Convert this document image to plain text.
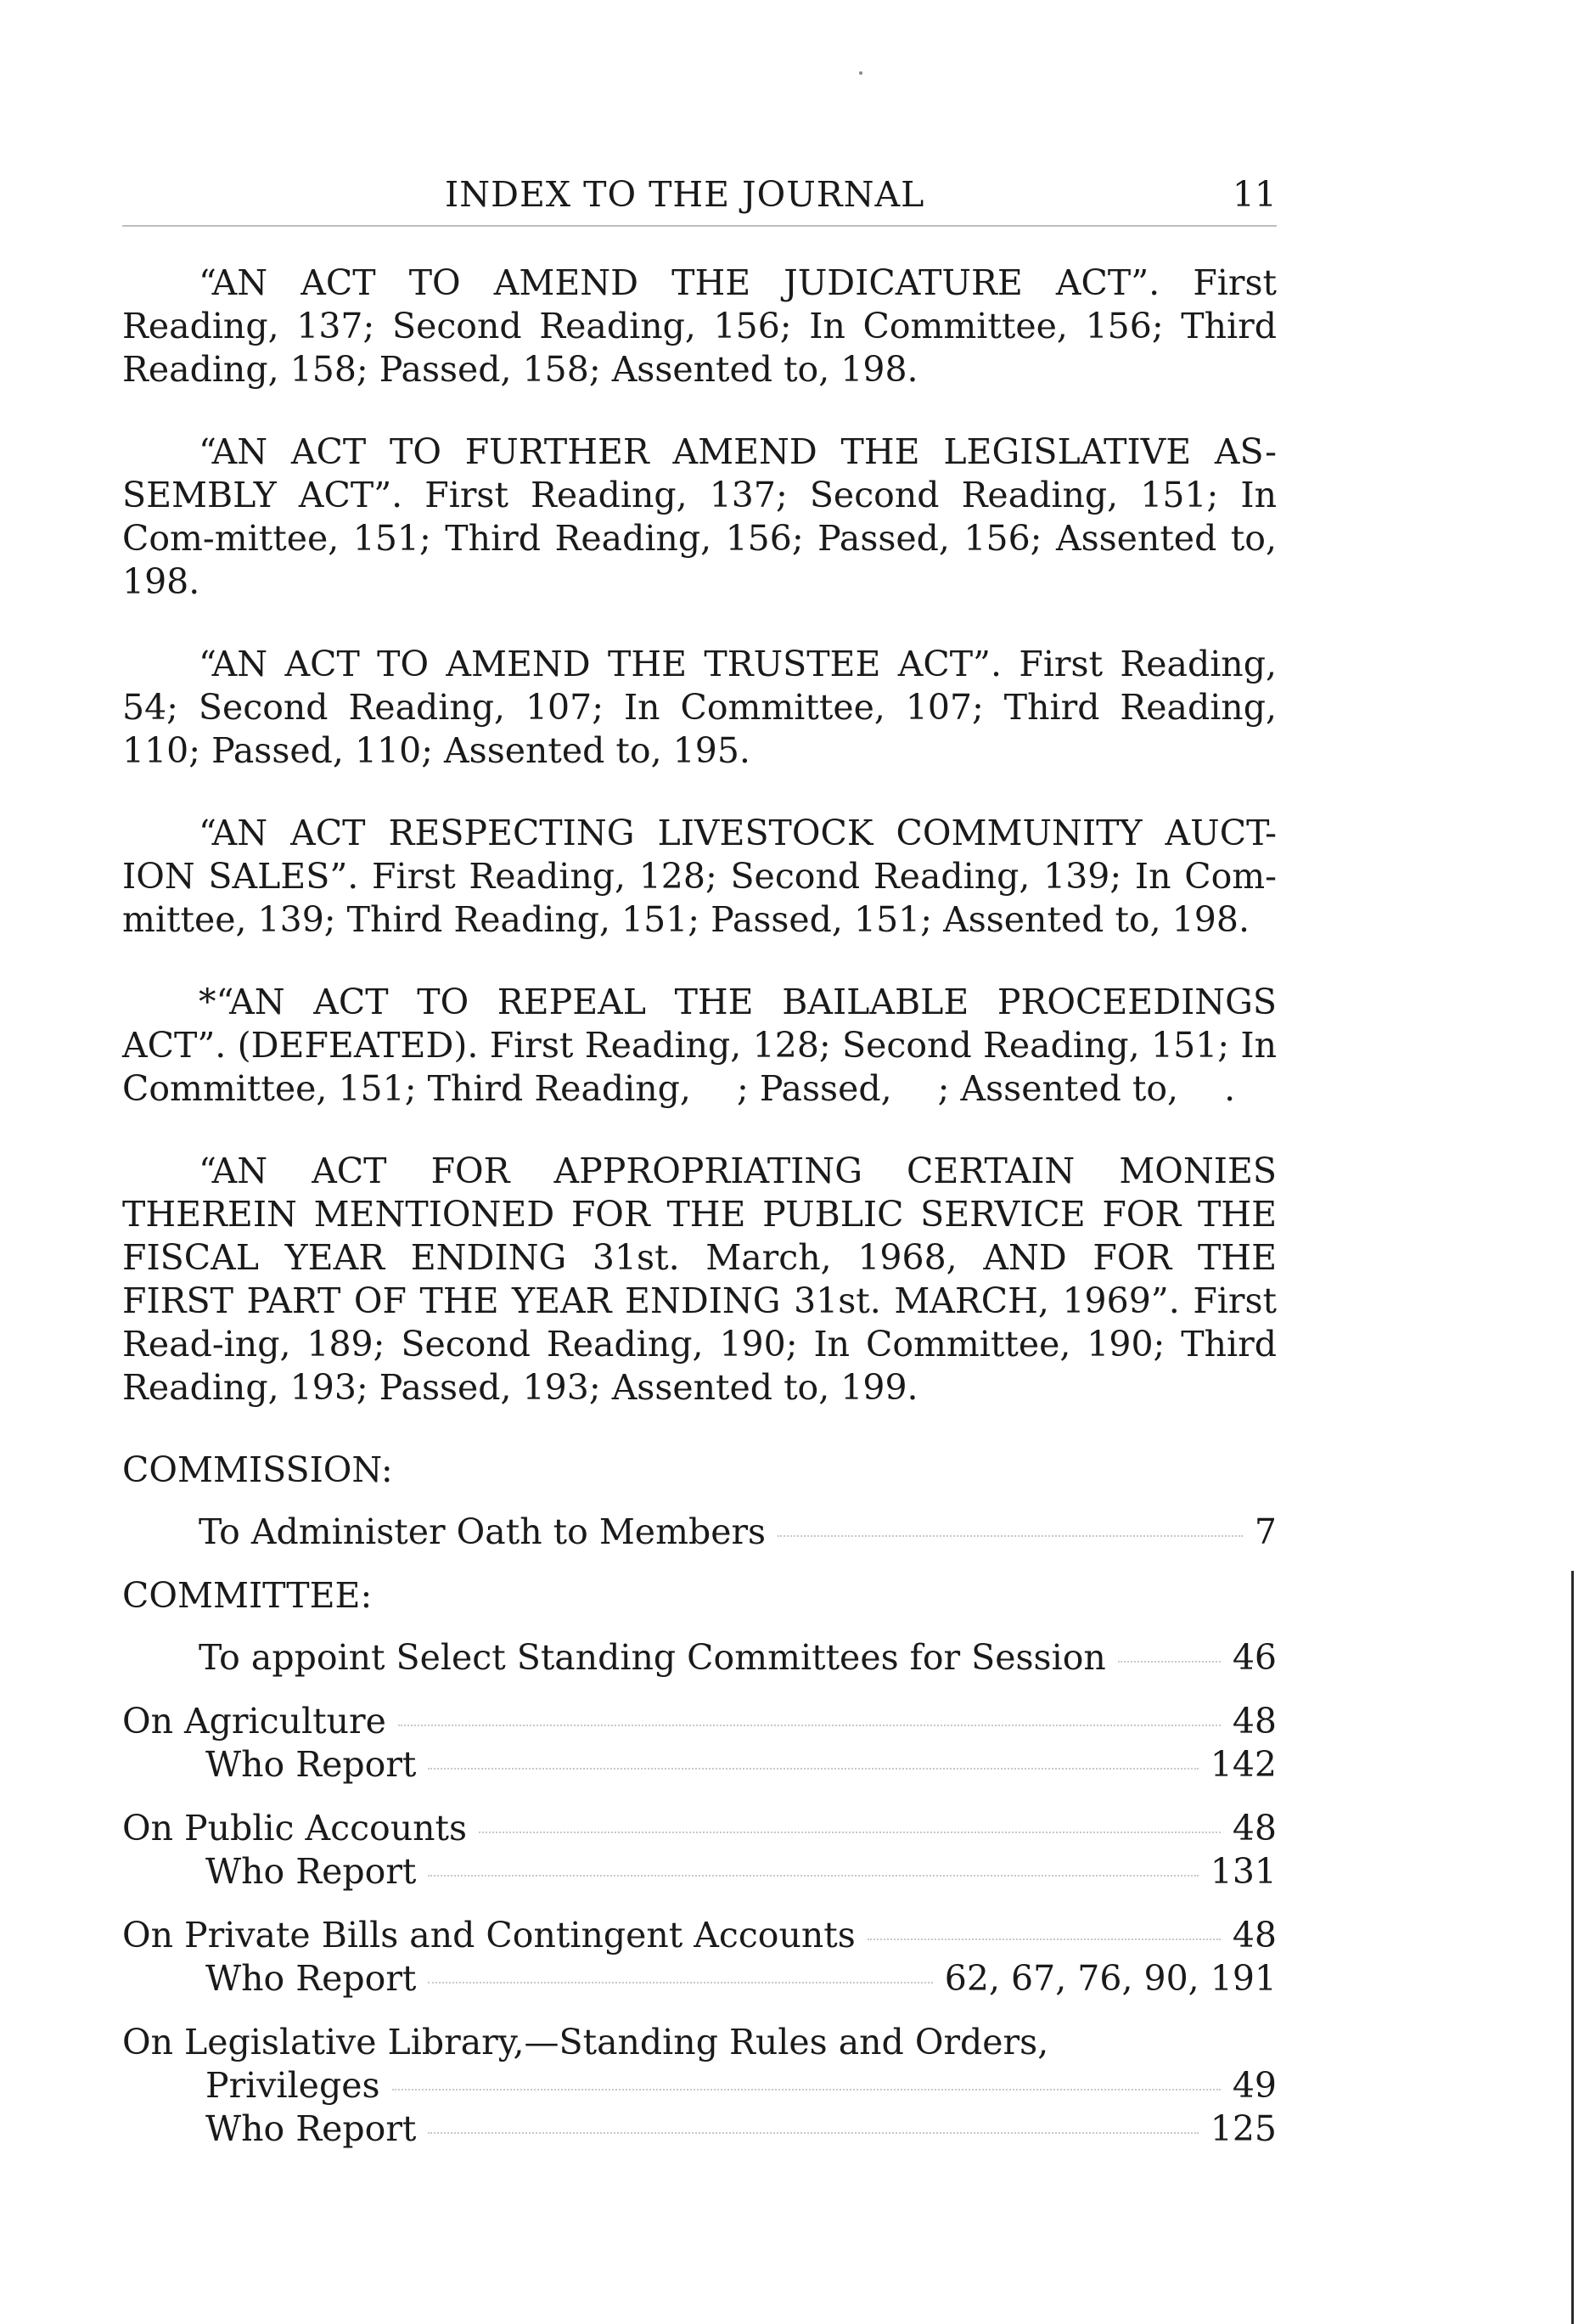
INDEX TO THE JOURNAL	11

“AN ACT TO AMEND THE JUDICATURE ACT”. First Reading, 137; Second Reading, 156; In Committee, 156; Third Reading, 158; Passed, 158; Assented to, 198.

“AN ACT TO FURTHER AMEND THE LEGISLATIVE AS-SEMBLY ACT”. First Reading, 137; Second Reading, 151; In Com-mittee, 151; Third Reading, 156; Passed, 156; Assented to, 198.

“AN ACT TO AMEND THE TRUSTEE ACT”. First Reading, 54; Second Reading, 107; In Committee, 107; Third Reading, 110; Passed, 110; Assented to, 195.

“AN ACT RESPECTING LIVESTOCK COMMUNITY AUCT-ION SALES”. First Reading, 128; Second Reading, 139; In Com-mittee, 139; Third Reading, 151; Passed, 151; Assented to, 198.

*“AN ACT TO REPEAL THE BAILABLE PROCEEDINGS ACT”. (DEFEATED). First Reading, 128; Second Reading, 151; In Committee, 151; Third Reading,  ; Passed,  ; Assented to,  .

“AN ACT FOR APPROPRIATING CERTAIN MONIES THEREIN MENTIONED FOR THE PUBLIC SERVICE FOR THE FISCAL YEAR ENDING 31st. March, 1968, AND FOR THE FIRST PART OF THE YEAR ENDING 31st. MARCH, 1969”. First Read-ing, 189; Second Reading, 190; In Committee, 190; Third Reading, 193; Passed, 193; Assented to, 199.

COMMISSION:
To Administer Oath to Members	7
COMMITTEE:
To appoint Select Standing Committees for Session	46
On Agriculture	48
Who Report	142
On Public Accounts	48
Who Report	131
On Private Bills and Contingent Accounts	48
Who Report	62, 67, 76, 90, 191
On Legislative Library,—Standing Rules and Orders,
Privileges	49
Who Report	125
